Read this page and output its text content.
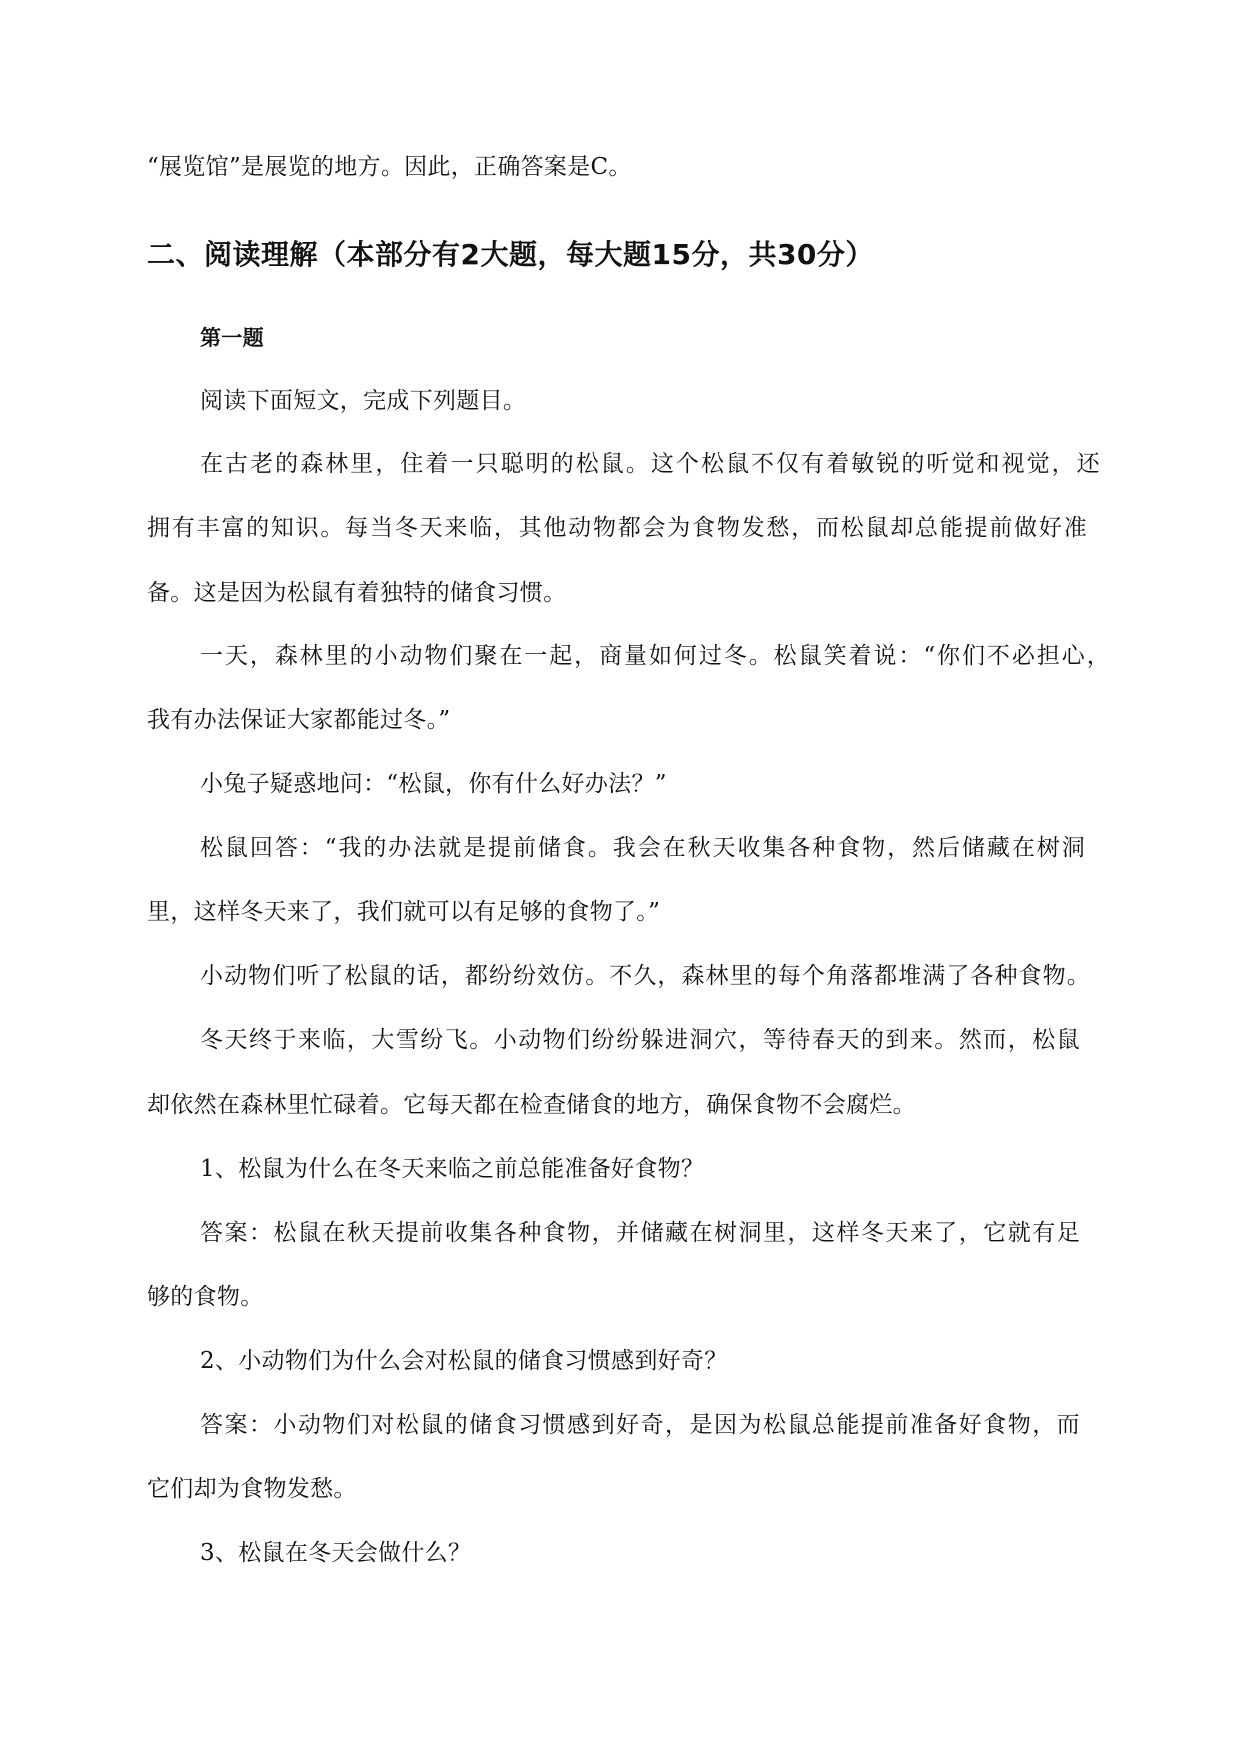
“展览馆”是展览的地方。因此，正确答案是C。
二、阅读理解（本部分有2大题，每大题15分，共30分）
第一题
阅读下面短文，完成下列题目。
在古老的森林里，住着一只聪明的松鼠。这个松鼠不仅有着敏锐的听觉和视觉，还
拥有丰富的知识。每当冬天来临，其他动物都会为食物发愁，而松鼠却总能提前做好准
备。这是因为松鼠有着独特的储食习惯。
一天，森林里的小动物们聚在一起，商量如何过冬。松鼠笑着说：“你们不必担心，
我有办法保证大家都能过冬。”
小兔子疑惑地问：“松鼠，你有什么好办法？”
松鼠回答：“我的办法就是提前储食。我会在秋天收集各种食物，然后储藏在树洞
里，这样冬天来了，我们就可以有足够的食物了。”
小动物们听了松鼠的话，都纷纷效仿。不久，森林里的每个角落都堆满了各种食物。
冬天终于来临，大雪纷飞。小动物们纷纷躲进洞穴，等待春天的到来。然而，松鼠
却依然在森林里忙碌着。它每天都在检查储食的地方，确保食物不会腐烂。
1、松鼠为什么在冬天来临之前总能准备好食物？
答案：松鼠在秋天提前收集各种食物，并储藏在树洞里，这样冬天来了，它就有足
够的食物。
2、小动物们为什么会对松鼠的储食习惯感到好奇？
答案：小动物们对松鼠的储食习惯感到好奇，是因为松鼠总能提前准备好食物，而
它们却为食物发愁。
3、松鼠在冬天会做什么？
